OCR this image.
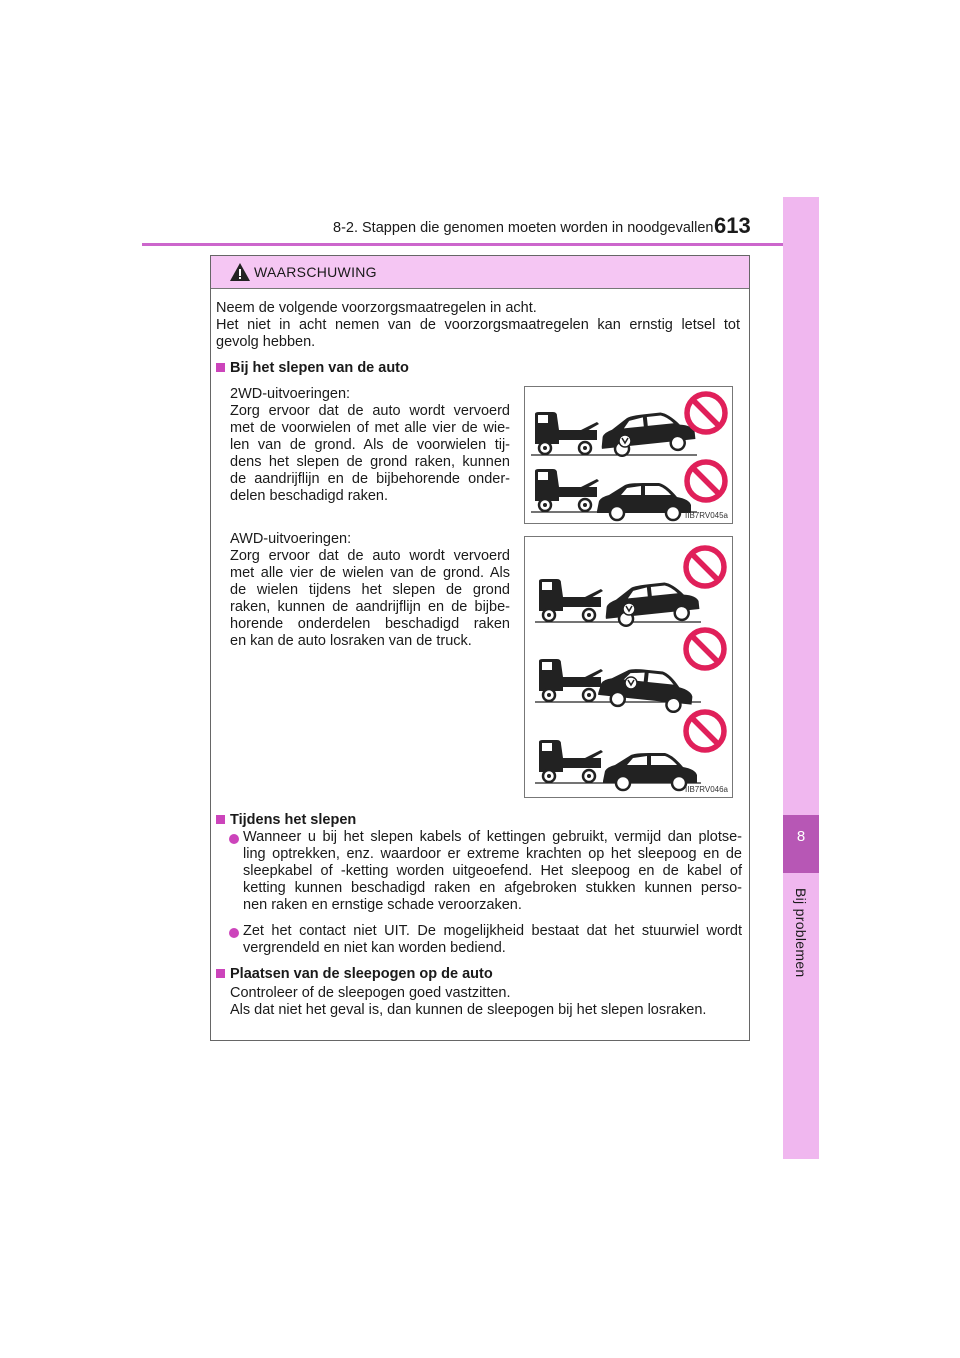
8-2. Stappen die genomen moeten worden in noodgevallen 613
8
Bij problemen
WAARSCHUWING
Neem de volgende voorzorgsmaatregelen in acht.
Het niet in acht nemen van de voorzorgsmaatregelen kan ernstig letsel tot
gevolg hebben.
Bij het slepen van de auto
2WD-uitvoeringen:
Zorg ervoor dat de auto wordt vervoerd
met de voorwielen of met alle vier de wie-
len van de grond. Als de voorwielen tij-
dens het slepen de grond raken, kunnen
de aandrijflijn en de bijbehorende onder-
delen beschadigd raken.
AWD-uitvoeringen:
Zorg ervoor dat de auto wordt vervoerd
met alle vier de wielen van de grond. Als
de wielen tijdens het slepen de grond
raken, kunnen de aandrijflijn en de bijbe-
horende onderdelen beschadigd raken
en kan de auto losraken van de truck.
IIB7RV045a
IIB7RV046a
Tijdens het slepen
Wanneer u bij het slepen kabels of kettingen gebruikt, vermijd dan plotse-
ling optrekken, enz. waardoor er extreme krachten op het sleepoog en de
sleepkabel of -ketting worden uitgeoefend. Het sleepoog en de kabel of
ketting kunnen beschadigd raken en afgebroken stukken kunnen perso-
nen raken en ernstige schade veroorzaken.
Zet het contact niet UIT. De mogelijkheid bestaat dat het stuurwiel wordt
vergrendeld en niet kan worden bediend.
Plaatsen van de sleepogen op de auto
Controleer of de sleepogen goed vastzitten.
Als dat niet het geval is, dan kunnen de sleepogen bij het slepen losraken.
